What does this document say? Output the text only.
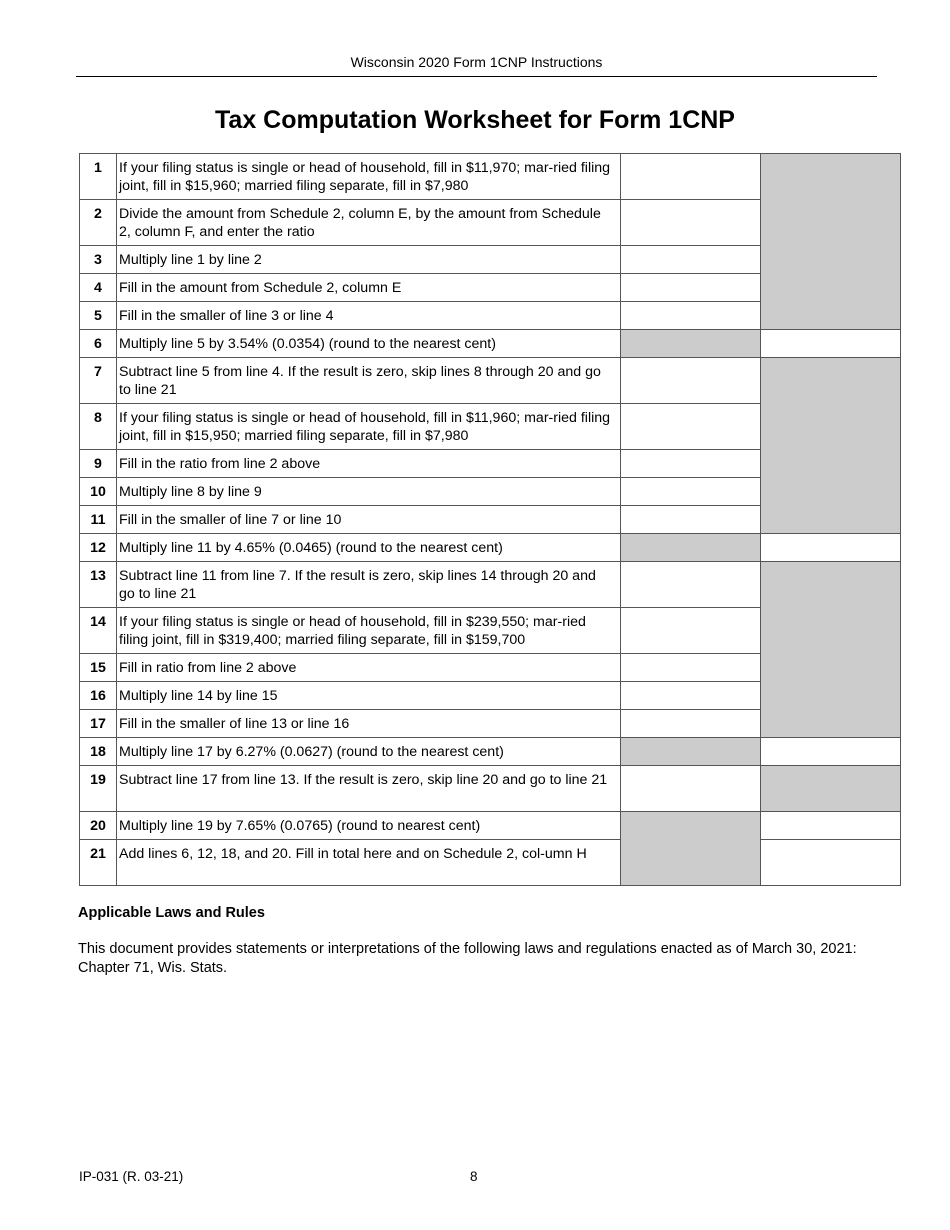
Wisconsin 2020 Form 1CNP Instructions
Tax Computation Worksheet for Form 1CNP
1	If your filing status is single or head of household, fill in $11,970; mar-ried filing joint, fill in $15,960; married filing separate, fill in $7,980		
2	Divide the amount from Schedule 2, column E, by the amount from Schedule 2, column F, and enter the ratio		
3	Multiply line 1 by line 2		
4	Fill in the amount from Schedule 2, column E		
5	Fill in the smaller of line 3 or line 4		
6	Multiply line 5 by 3.54% (0.0354) (round to the nearest cent)		
7	Subtract line 5 from line 4. If the result is zero, skip lines 8 through 20 and go to line 21		
8	If your filing status is single or head of household, fill in $11,960; mar-ried filing joint, fill in $15,950; married filing separate, fill in $7,980		
9	Fill in the ratio from line 2 above		
10	Multiply line 8 by line 9		
11	Fill in the smaller of line 7 or line 10		
12	Multiply line 11 by 4.65% (0.0465) (round to the nearest cent)		
13	Subtract line 11 from line 7. If the result is zero, skip lines 14 through 20 and go to line 21		
14	If your filing status is single or head of household, fill in $239,550; mar-ried filing joint, fill in $319,400; married filing separate, fill in $159,700		
15	Fill in ratio from line 2 above		
16	Multiply line 14 by line 15		
17	Fill in the smaller of line 13 or line 16		
18	Multiply line 17 by 6.27% (0.0627) (round to the nearest cent)		
19	Subtract line 17 from line 13. If the result is zero, skip line 20 and go to line 21		
20	Multiply line 19 by 7.65% (0.0765) (round to nearest cent)		
21	Add lines 6, 12, 18, and 20. Fill in total here and on Schedule 2, col-umn H		
Applicable Laws and Rules
This document provides statements or interpretations of the following laws and regulations enacted as of March 30, 2021: Chapter 71, Wis. Stats.
IP-031 (R. 03-21)	8
